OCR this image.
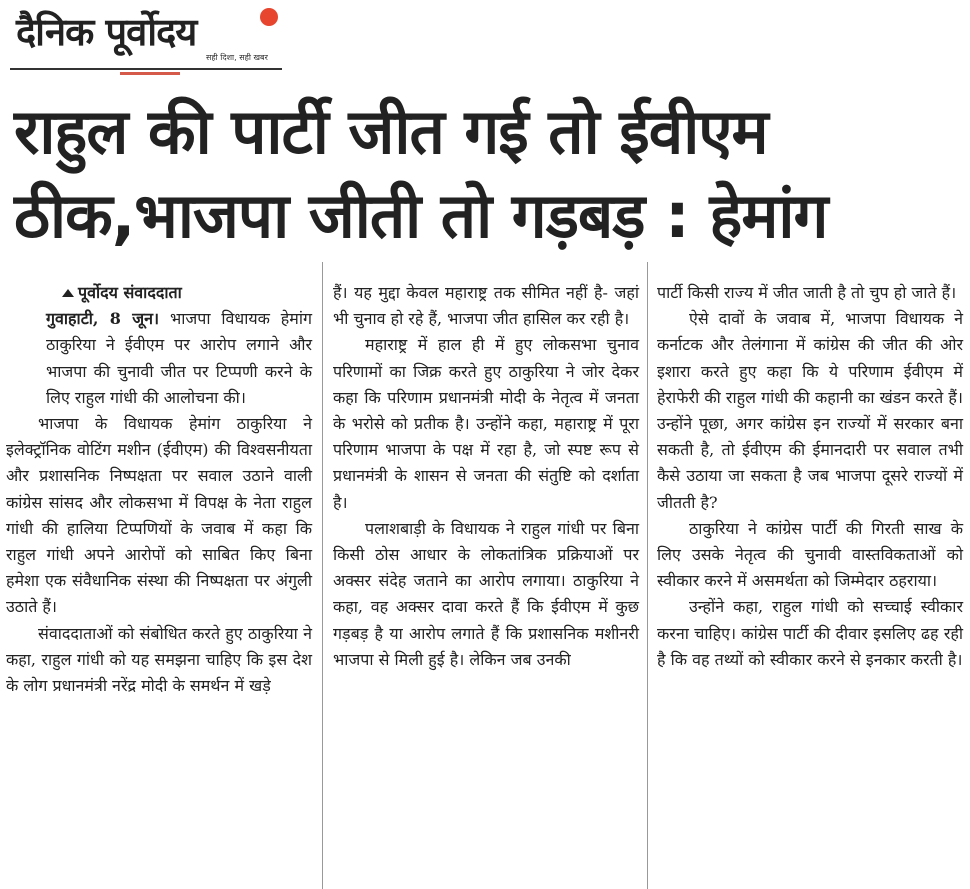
दैनिक पूर्वोदय
सही दिशा, सही खबर
राहुल की पार्टी जीत गई तो ईवीएम
ठीक,भाजपा जीती तो गड़बड़ : हेमांग

पूर्वोदय संवाददाता

गुवाहाटी, 8 जून। भाजपा विधायक हेमांग ठाकुरिया ने ईवीएम पर आरोप लगाने और भाजपा की चुनावी जीत पर टिप्पणी करने के लिए राहुल गांधी की आलोचना की।

भाजपा के विधायक हेमांग ठाकुरिया ने इलेक्ट्रॉनिक वोटिंग मशीन (ईवीएम) की विश्वसनीयता और प्रशासनिक निष्पक्षता पर सवाल उठाने वाली कांग्रेस सांसद और लोकसभा में विपक्ष के नेता राहुल गांधी की हालिया टिप्पणियों के जवाब में कहा कि राहुल गांधी अपने आरोपों को साबित किए बिना हमेशा एक संवैधानिक संस्था की निष्पक्षता पर अंगुली उठाते हैं।

संवाददाताओं को संबोधित करते हुए ठाकुरिया ने कहा, राहुल गांधी को यह समझना चाहिए कि इस देश के लोग प्रधानमंत्री नरेंद्र मोदी के समर्थन में खड़े

हैं। यह मुद्दा केवल महाराष्ट्र तक सीमित नहीं है- जहां भी चुनाव हो रहे हैं, भाजपा जीत हासिल कर रही है।

महाराष्ट्र में हाल ही में हुए लोकसभा चुनाव परिणामों का जिक्र करते हुए ठाकुरिया ने जोर देकर कहा कि परिणाम प्रधानमंत्री मोदी के नेतृत्व में जनता के भरोसे को प्रतीक है। उन्होंने कहा, महाराष्ट्र में पूरा परिणाम भाजपा के पक्ष में रहा है, जो स्पष्ट रूप से प्रधानमंत्री के शासन से जनता की संतुष्टि को दर्शाता है।

पलाशबाड़ी के विधायक ने राहुल गांधी पर बिना किसी ठोस आधार के लोकतांत्रिक प्रक्रियाओं पर अक्सर संदेह जताने का आरोप लगाया। ठाकुरिया ने कहा, वह अक्सर दावा करते हैं कि ईवीएम में कुछ गड़बड़ है या आरोप लगाते हैं कि प्रशासनिक मशीनरी भाजपा से मिली हुई है। लेकिन जब उनकी

पार्टी किसी राज्य में जीत जाती है तो चुप हो जाते हैं।

ऐसे दावों के जवाब में, भाजपा विधायक ने कर्नाटक और तेलंगाना में कांग्रेस की जीत की ओर इशारा करते हुए कहा कि ये परिणाम ईवीएम में हेराफेरी की राहुल गांधी की कहानी का खंडन करते हैं। उन्होंने पूछा, अगर कांग्रेस इन राज्यों में सरकार बना सकती है, तो ईवीएम की ईमानदारी पर सवाल तभी कैसे उठाया जा सकता है जब भाजपा दूसरे राज्यों में जीतती है?

ठाकुरिया ने कांग्रेस पार्टी की गिरती साख के लिए उसके नेतृत्व की चुनावी वास्तविकताओं को स्वीकार करने में असमर्थता को जिम्मेदार ठहराया।

उन्होंने कहा, राहुल गांधी को सच्चाई स्वीकार करना चाहिए। कांग्रेस पार्टी की दीवार इसलिए ढह रही है कि वह तथ्यों को स्वीकार करने से इनकार करती है।
